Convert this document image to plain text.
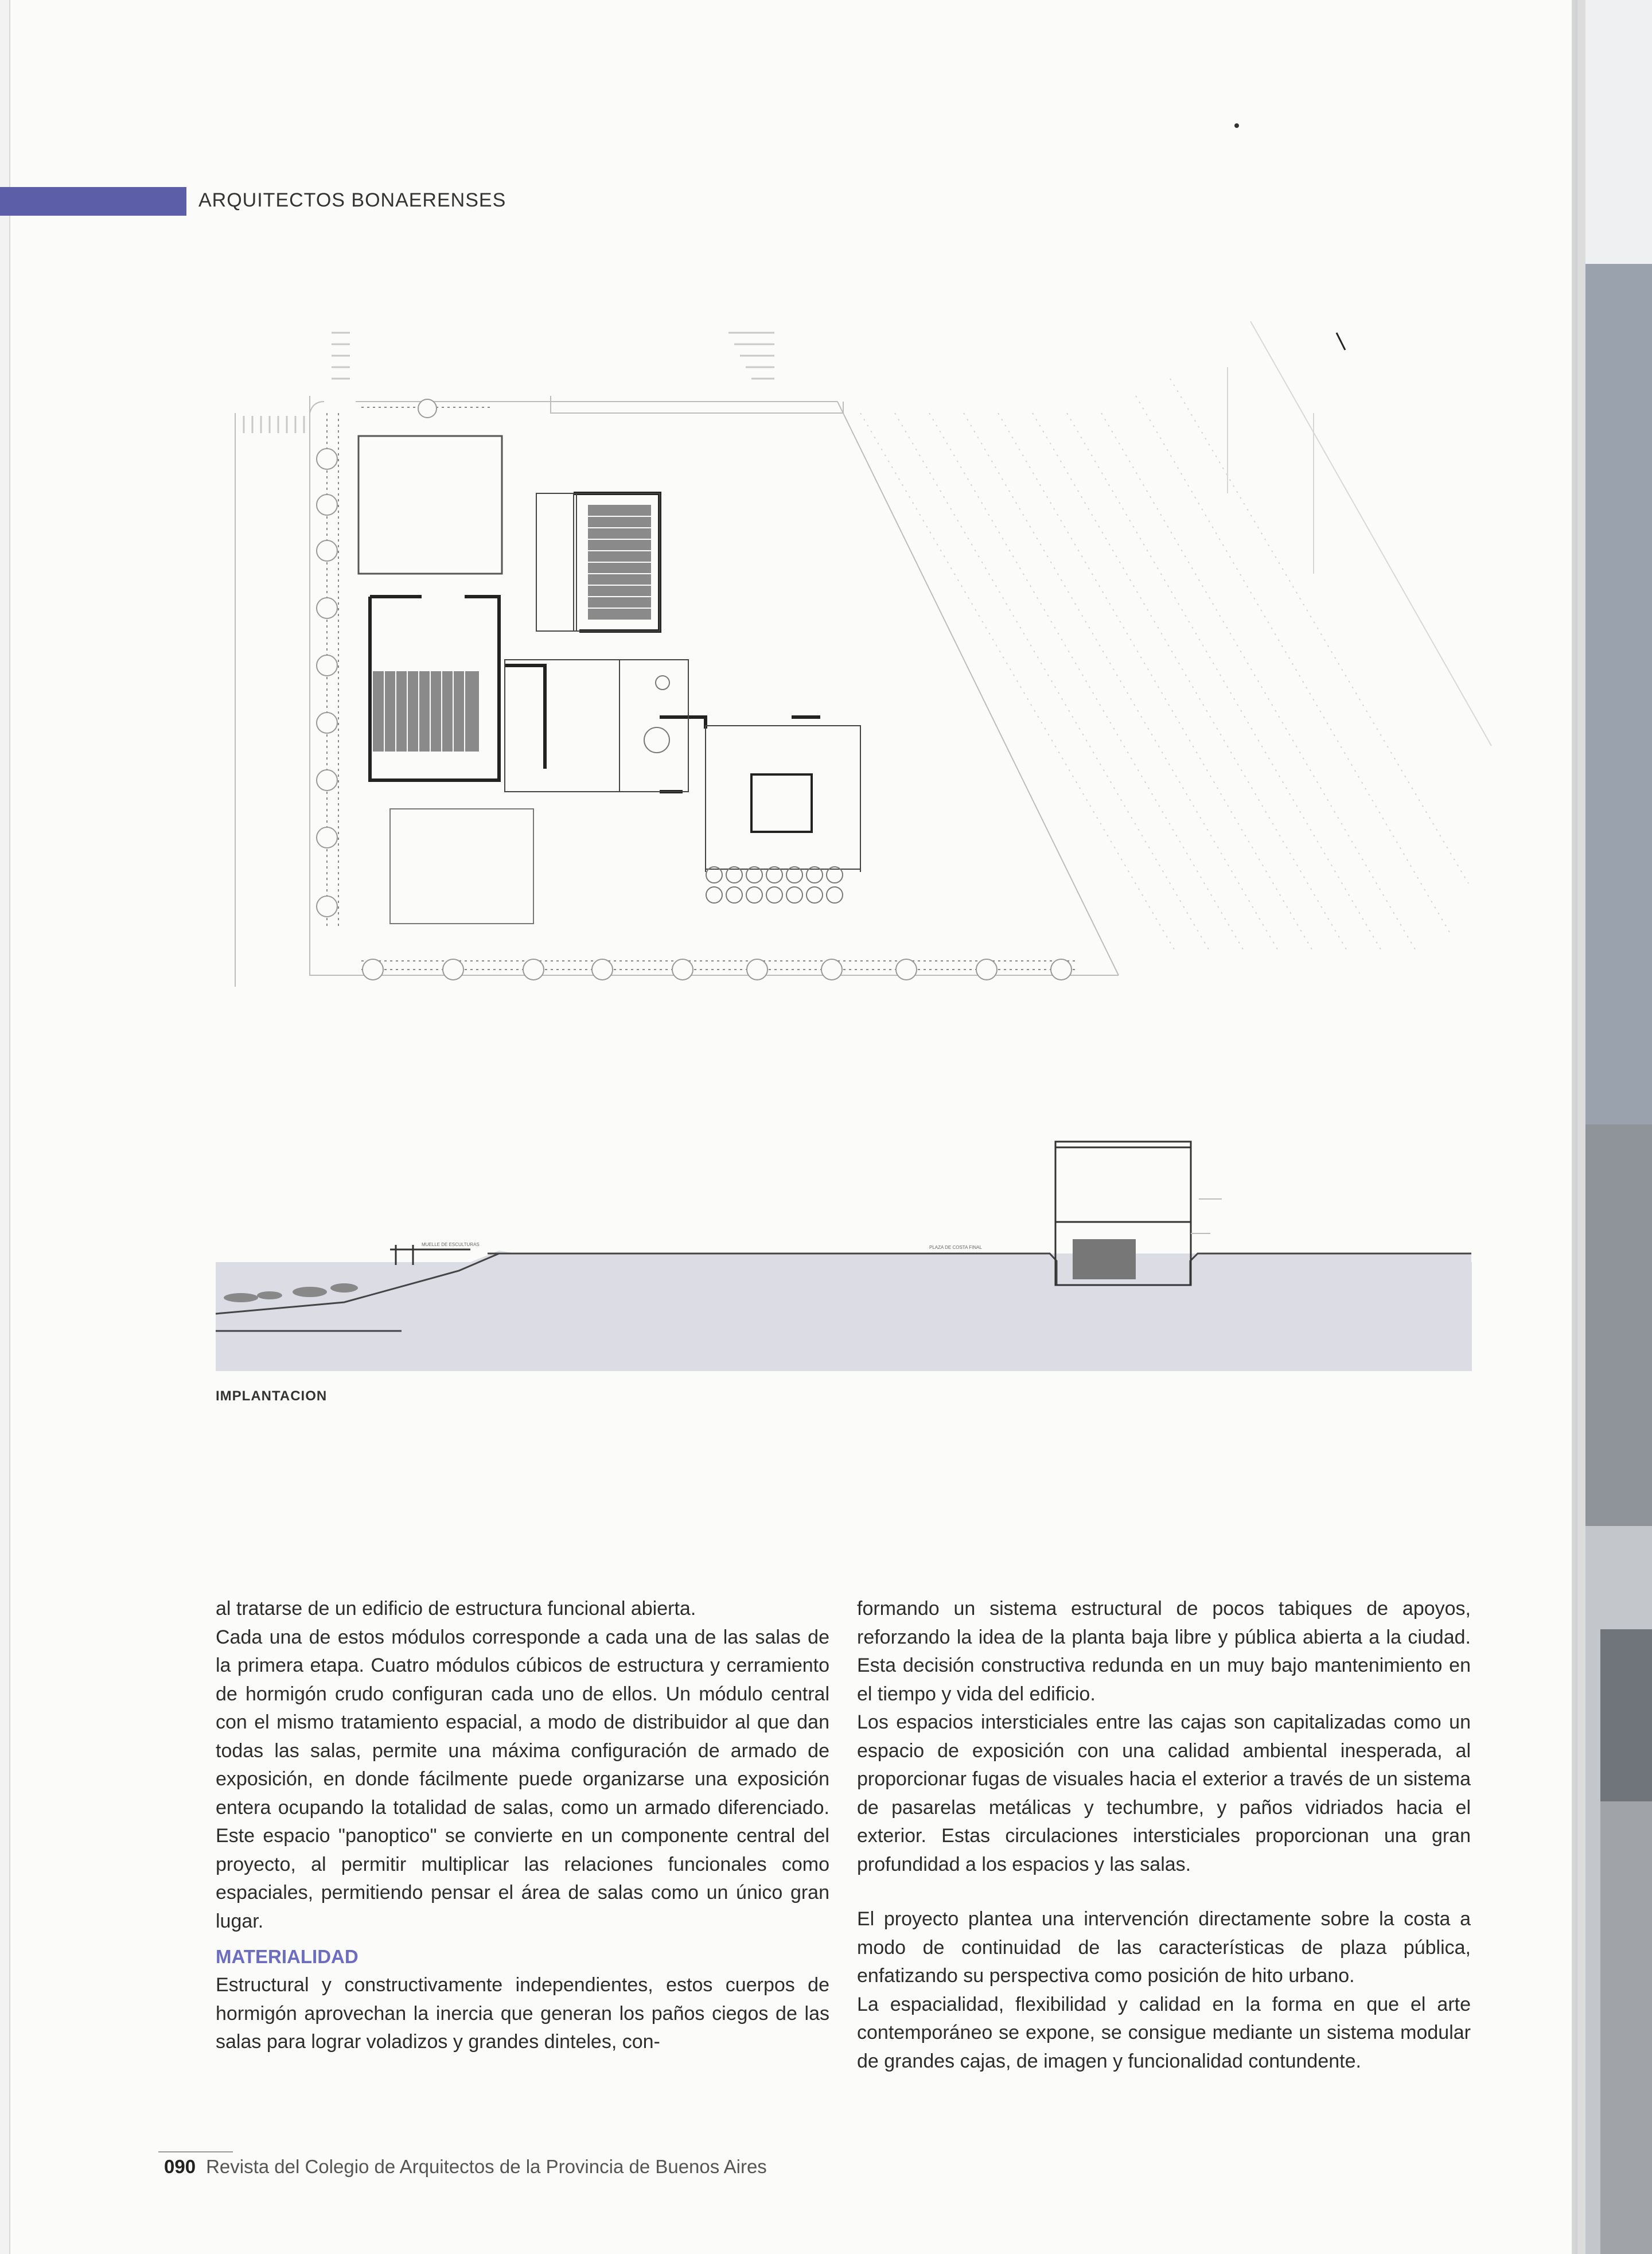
ARQUITECTOS BONAERENSES
MUELLE DE ESCULTURAS
PLAZA DE COSTA FINAL
IMPLANTACION

al tratarse de un edificio de estructura funcional abierta.

Cada una de estos módulos corresponde a cada una de las salas de la primera etapa. Cuatro módulos cúbicos de estructura y cerramiento de hormigón crudo configuran cada uno de ellos. Un módulo central con el mismo tratamiento espacial, a modo de distribuidor al que dan todas las salas, permite una máxima configuración de armado de exposición, en donde fácilmente puede organizarse una exposición entera ocupando la totalidad de salas, como un armado diferenciado. Este espacio "panoptico" se convierte en un componente central del proyecto, al permitir multiplicar las relaciones funcionales como espaciales, permitiendo pensar el área de salas como un único gran lugar.

MATERIALIDAD

Estructural y constructivamente independientes, estos cuerpos de hormigón aprovechan la inercia que generan los paños ciegos de las salas para lograr voladizos y grandes dinteles, con-

formando un sistema estructural de pocos tabiques de apoyos, reforzando la idea de la planta baja libre y pública abierta a la ciudad. Esta decisión constructiva redunda en un muy bajo mantenimiento en el tiempo y vida del edificio.

Los espacios intersticiales entre las cajas son capitalizadas como un espacio de exposición con una calidad ambiental inesperada, al proporcionar fugas de visuales hacia el exterior a través de un sistema de pasarelas metálicas y techumbre, y paños vidriados hacia el exterior. Estas circulaciones intersticiales proporcionan una gran profundidad a los espacios y las salas.

El proyecto plantea una intervención directamente sobre la costa a modo de continuidad de las características de plaza pública, enfatizando su perspectiva como posición de hito urbano.

La espacialidad, flexibilidad y calidad en la forma en que el arte contemporáneo se expone, se consigue mediante un sistema modular de grandes cajas, de imagen y funcionalidad contundente.

090 Revista del Colegio de Arquitectos de la Provincia de Buenos Aires
